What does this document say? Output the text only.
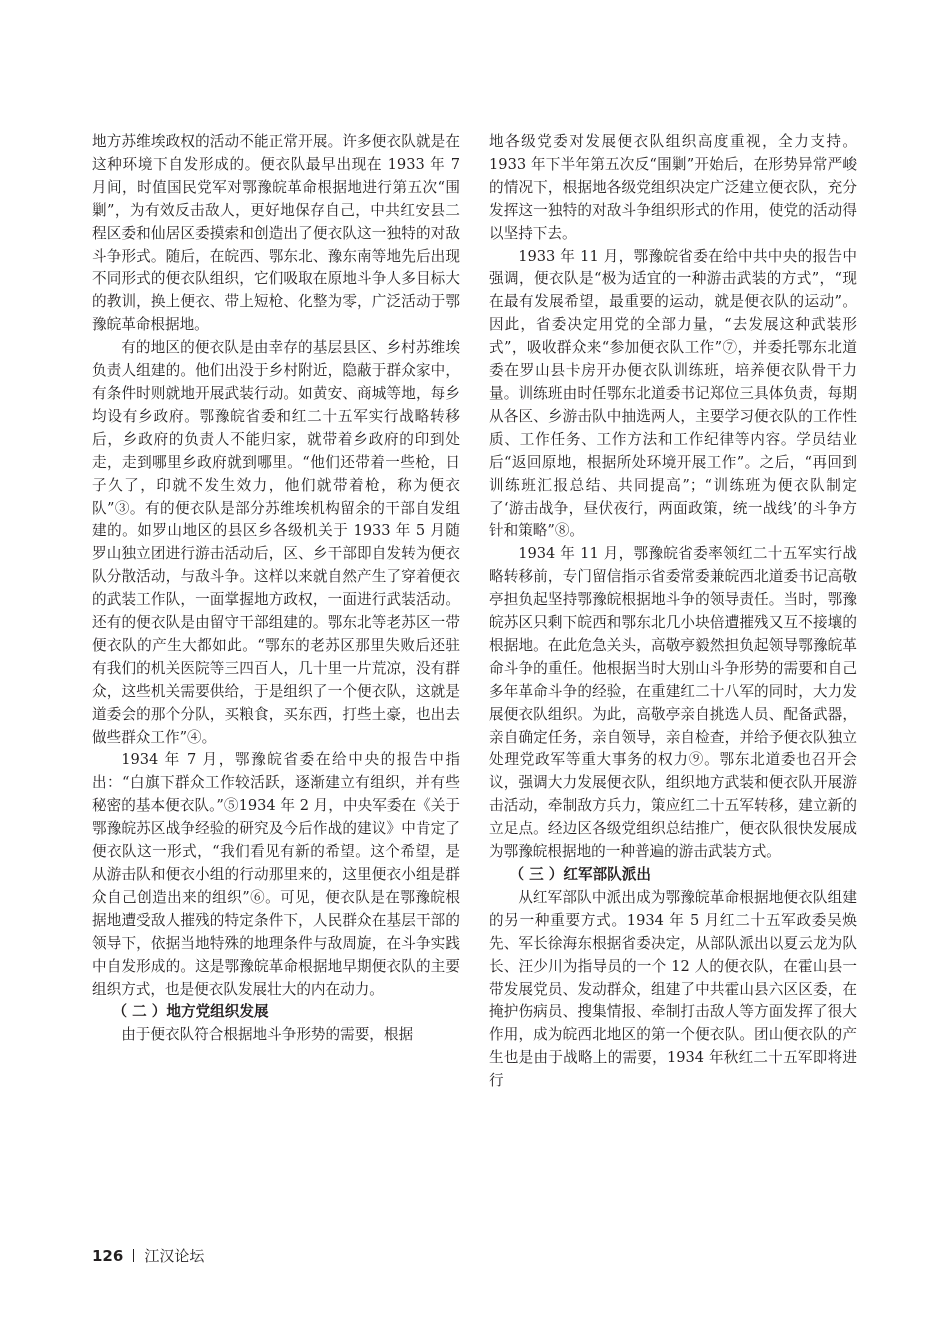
地方苏维埃政权的活动不能正常开展。许多便衣队就是在这种环境下自发形成的。便衣队最早出现在 1933 年 7 月间，时值国民党军对鄂豫皖革命根据地进行第五次“围剿”，为有效反击敌人，更好地保存自己，中共红安县二程区委和仙居区委摸索和创造出了便衣队这一独特的对敌斗争形式。随后，在皖西、鄂东北、豫东南等地先后出现不同形式的便衣队组织，它们吸取在原地斗争人多目标大的教训，换上便衣、带上短枪、化整为零，广泛活动于鄂豫皖革命根据地。

有的地区的便衣队是由幸存的基层县区、乡村苏维埃负责人组建的。他们出没于乡村附近，隐蔽于群众家中，有条件时则就地开展武装行动。如黄安、商城等地，每乡均设有乡政府。鄂豫皖省委和红二十五军实行战略转移后，乡政府的负责人不能归家，就带着乡政府的印到处走，走到哪里乡政府就到哪里。“他们还带着一些枪，日子久了，印就不发生效力，他们就带着枪，称为便衣队”③。有的便衣队是部分苏维埃机构留余的干部自发组建的。如罗山地区的县区乡各级机关于 1933 年 5 月随罗山独立团进行游击活动后，区、乡干部即自发转为便衣队分散活动，与敌斗争。这样以来就自然产生了穿着便衣的武装工作队，一面掌握地方政权，一面进行武装活动。还有的便衣队是由留守干部组建的。鄂东北等老苏区一带便衣队的产生大都如此。“鄂东的老苏区那里失败后还驻有我们的机关医院等三四百人，几十里一片荒凉，没有群众，这些机关需要供给，于是组织了一个便衣队，这就是道委会的那个分队，买粮食，买东西，打些土豪，也出去做些群众工作”④。

1934 年 7 月，鄂豫皖省委在给中央的报告中指出：“白旗下群众工作较活跃，逐渐建立有组织，并有些秘密的基本便衣队。”⑤1934 年 2 月，中央军委在《关于鄂豫皖苏区战争经验的研究及今后作战的建议》中肯定了便衣队这一形式，“我们看见有新的希望。这个希望，是从游击队和便衣小组的行动那里来的，这里便衣小组是群众自己创造出来的组织”⑥。可见，便衣队是在鄂豫皖根据地遭受敌人摧残的特定条件下，人民群众在基层干部的领导下，依据当地特殊的地理条件与敌周旋，在斗争实践中自发形成的。这是鄂豫皖革命根据地早期便衣队的主要组织方式，也是便衣队发展壮大的内在动力。

（ 二 ）地方党组织发展

由于便衣队符合根据地斗争形势的需要，根据

地各级党委对发展便衣队组织高度重视，全力支持。1933 年下半年第五次反“围剿”开始后，在形势异常严峻的情况下，根据地各级党组织决定广泛建立便衣队，充分发挥这一独特的对敌斗争组织形式的作用，使党的活动得以坚持下去。

1933 年 11 月，鄂豫皖省委在给中共中央的报告中强调，便衣队是“极为适宜的一种游击武装的方式”，“现在最有发展希望，最重要的运动，就是便衣队的运动”。因此，省委决定用党的全部力量，“去发展这种武装形式”，吸收群众来“参加便衣队工作”⑦，并委托鄂东北道委在罗山县卡房开办便衣队训练班，培养便衣队骨干力量。训练班由时任鄂东北道委书记郑位三具体负责，每期从各区、乡游击队中抽选两人，主要学习便衣队的工作性质、工作任务、工作方法和工作纪律等内容。学员结业后“返回原地，根据所处环境开展工作”。之后，“再回到训练班汇报总结、共同提高”；“训练班为便衣队制定了‘游击战争，昼伏夜行，两面政策，统一战线’的斗争方针和策略”⑧。

1934 年 11 月，鄂豫皖省委率领红二十五军实行战略转移前，专门留信指示省委常委兼皖西北道委书记高敬亭担负起坚持鄂豫皖根据地斗争的领导责任。当时，鄂豫皖苏区只剩下皖西和鄂东北几小块倍遭摧残又互不接壤的根据地。在此危急关头，高敬亭毅然担负起领导鄂豫皖革命斗争的重任。他根据当时大别山斗争形势的需要和自己多年革命斗争的经验，在重建红二十八军的同时，大力发展便衣队组织。为此，高敬亭亲自挑选人员、配备武器，亲自确定任务，亲自领导，亲自检查，并给予便衣队独立处理党政军等重大事务的权力⑨。鄂东北道委也召开会议，强调大力发展便衣队，组织地方武装和便衣队开展游击活动，牵制敌方兵力，策应红二十五军转移，建立新的立足点。经边区各级党组织总结推广，便衣队很快发展成为鄂豫皖根据地的一种普遍的游击武装方式。

（ 三 ）红军部队派出

从红军部队中派出成为鄂豫皖革命根据地便衣队组建的另一种重要方式。1934 年 5 月红二十五军政委吴焕先、军长徐海东根据省委决定，从部队派出以夏云龙为队长、汪少川为指导员的一个 12 人的便衣队，在霍山县一带发展党员、发动群众，组建了中共霍山县六区区委，在掩护伤病员、搜集情报、牵制打击敌人等方面发挥了很大作用，成为皖西北地区的第一个便衣队。团山便衣队的产生也是由于战略上的需要，1934 年秋红二十五军即将进行

126 江汉论坛
